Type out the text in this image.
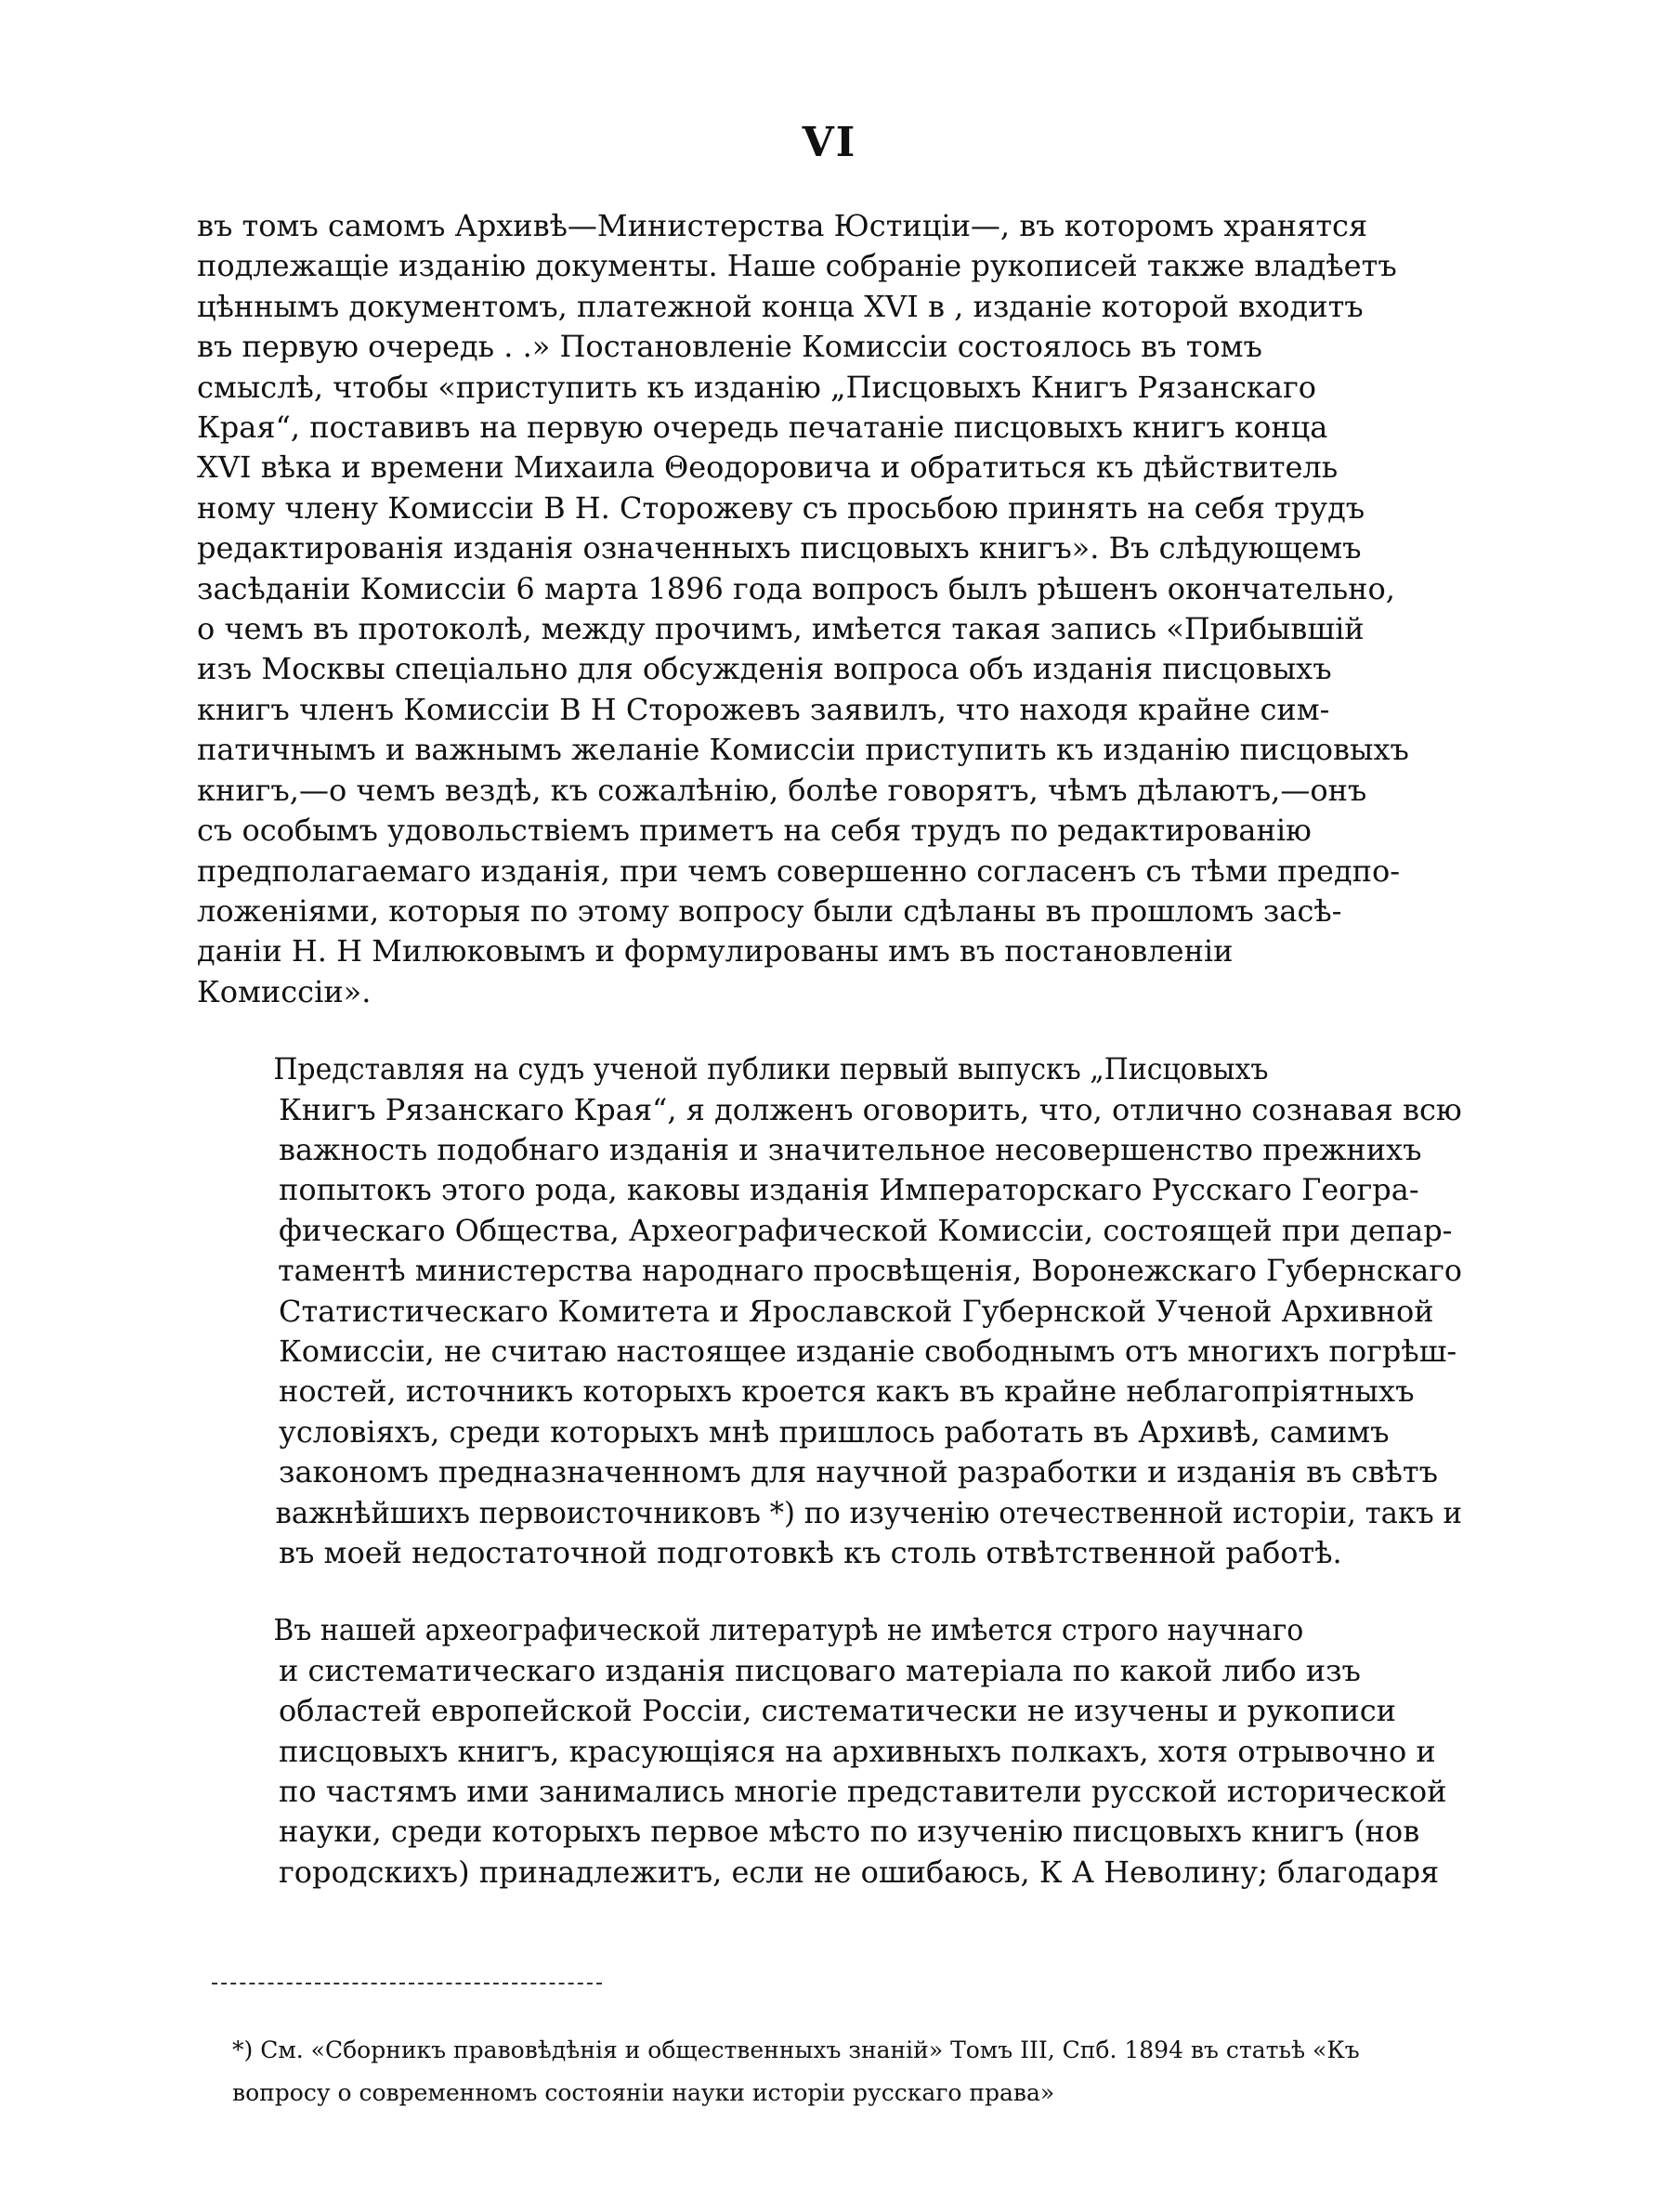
VI

въ томъ самомъ Архивѣ—Министерства Юстиціи—, въ которомъ хранятся
подлежащіе изданію документы. Наше собраніе рукописей также владѣетъ
цѣннымъ документомъ, платежной конца XVI в , изданіе которой входитъ
въ первую очередь . .» Постановленіе Комиссіи состоялось въ томъ
смыслѣ, чтобы «приступить къ изданію „Писцовыхъ Книгъ Рязанскаго
Края“, поставивъ на первую очередь печатаніе писцовыхъ книгъ конца
XVI вѣка и времени Михаила Θеодоровича и обратиться къ дѣйствитель
ному члену Комиссіи В Н. Сторожеву съ просьбою принять на себя трудъ
редактированія изданія означенныхъ писцовыхъ книгъ». Въ слѣдующемъ
засѣданіи Комиссіи 6 марта 1896 года вопросъ былъ рѣшенъ окончательно,
о чемъ въ протоколѣ, между прочимъ, имѣется такая запись «Прибывшій
изъ Москвы спеціально для обсужденія вопроса объ изданія писцовыхъ
книгъ членъ Комиссіи В Н Сторожевъ заявилъ, что находя крайне сим-
патичнымъ и важнымъ желаніе Комиссіи приступить къ изданію писцовыхъ
книгъ,—о чемъ вездѣ, къ сожалѣнію, болѣе говорятъ, чѣмъ дѣлаютъ,—онъ
съ особымъ удовольствіемъ приметъ на себя трудъ по редактированію
предполагаемаго изданія, при чемъ совершенно согласенъ съ тѣми предпо-
ложеніями, которыя по этому вопросу были сдѣланы въ прошломъ засѣ-
даніи Н. Н Милюковымъ и формулированы имъ въ постановленіи
Комиссіи».

Представляя на судъ ученой публики первый выпускъ „Писцовыхъ
Книгъ Рязанскаго Края“, я долженъ оговорить, что, отлично сознавая всю
важность подобнаго изданія и значительное несовершенство прежнихъ
попытокъ этого рода, каковы изданія Императорскаго Русскаго Геогра-
фическаго Общества, Археографической Комиссіи, состоящей при депар-
таментѣ министерства народнаго просвѣщенія, Воронежскаго Губернскаго
Статистическаго Комитета и Ярославской Губернской Ученой Архивной
Комиссіи, не считаю настоящее изданіе свободнымъ отъ многихъ погрѣш-
ностей, источникъ которыхъ кроется какъ въ крайне неблагопріятныхъ
условіяхъ, среди которыхъ мнѣ пришлось работать въ Архивѣ, самимъ
закономъ предназначенномъ для научной разработки и изданія въ свѣтъ
важнѣйшихъ первоисточниковъ *) по изученію отечественной исторіи, такъ и
въ моей недостаточной подготовкѣ къ столь отвѣтственной работѣ.

Въ нашей археографической литературѣ не имѣется строго научнаго
и систематическаго изданія писцоваго матеріала по какой либо изъ
областей европейской Россіи, систематически не изучены и рукописи
писцовыхъ книгъ, красующіяся на архивныхъ полкахъ, хотя отрывочно и
по частямъ ими занимались многіе представители русской исторической
науки, среди которыхъ первое мѣсто по изученію писцовыхъ книгъ (нов
городскихъ) принадлежитъ, если не ошибаюсь, К А Неволину; благодаря

*) См. «Сборникъ правовѣдѣнія и общественныхъ знаній» Томъ III, Спб. 1894 въ статьѣ «Къ
вопросу о современномъ состояніи науки исторіи русскаго права»
